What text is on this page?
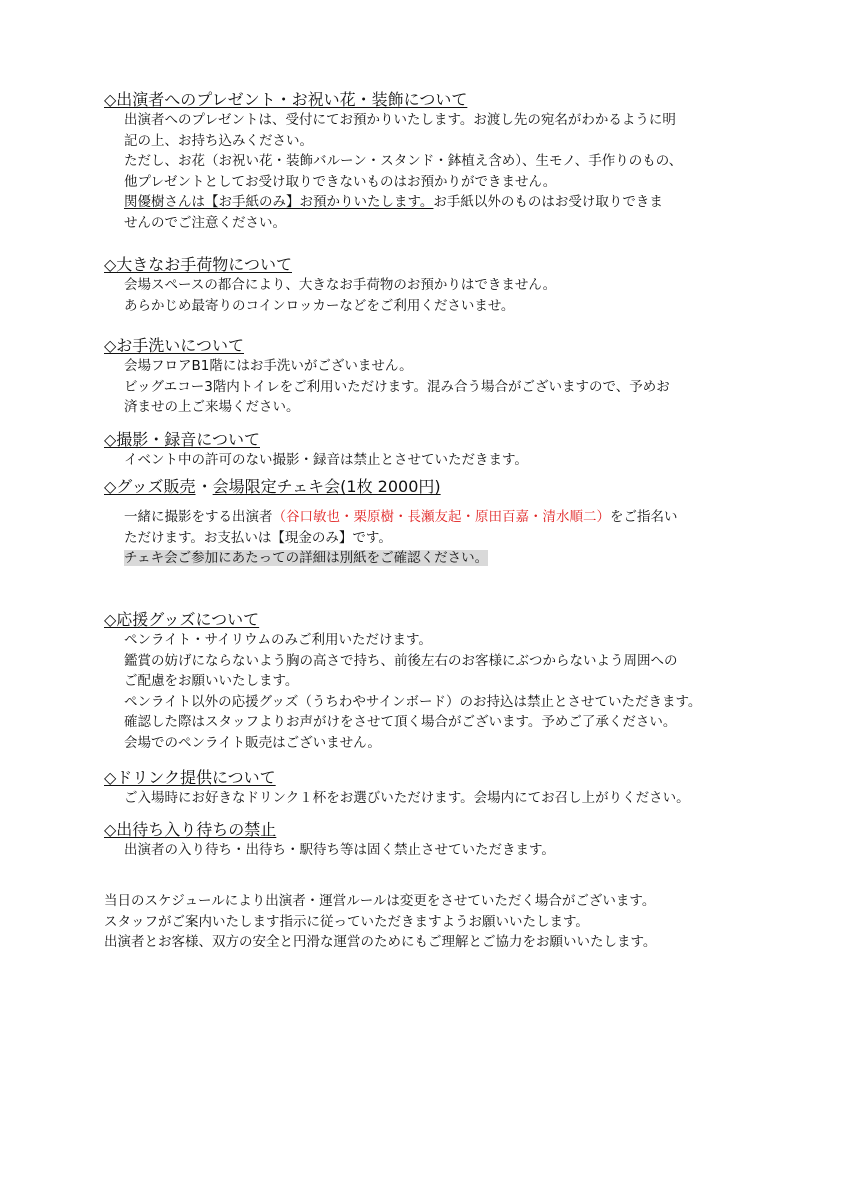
◇出演者へのプレゼント・お祝い花・装飾について
出演者へのプレゼントは、受付にてお預かりいたします。お渡し先の宛名がわかるように明
記の上、お持ち込みください。
ただし、お花（お祝い花・装飾バルーン・スタンド・鉢植え含め）、生モノ、手作りのもの、
他プレゼントとしてお受け取りできないものはお預かりができません。
関優樹さんは【お手紙のみ】お預かりいたします。お手紙以外のものはお受け取りできま
せんのでご注意ください。
◇大きなお手荷物について
会場スペースの都合により、大きなお手荷物のお預かりはできません。
あらかじめ最寄りのコインロッカーなどをご利用くださいませ。
◇お手洗いについて
会場フロアB1階にはお手洗いがございません。
ビッグエコー3階内トイレをご利用いただけます。混み合う場合がございますので、予めお
済ませの上ご来場ください。
◇撮影・録音について
イベント中の許可のない撮影・録音は禁止とさせていただきます。
◇グッズ販売 ・会場限定チェキ会(1枚 2000円)
一緒に撮影をする出演者（谷口敏也・栗原樹・長瀬友起・原田百嘉・清水順二）をご指名い
ただけます。お支払いは【現金のみ】です。
チェキ会ご参加にあたっての詳細は別紙をご確認ください。
◇応援グッズについて
ペンライト・サイリウムのみご利用いただけます。
鑑賞の妨げにならないよう胸の高さで持ち、前後左右のお客様にぶつからないよう周囲への
ご配慮をお願いいたします。
ペンライト以外の応援グッズ（うちわやサインボード）のお持込は禁止とさせていただきます。
確認した際はスタッフよりお声がけをさせて頂く場合がございます。予めご了承ください。
会場でのペンライト販売はございません。
◇ドリンク提供について
ご入場時にお好きなドリンク１杯をお選びいただけます。会場内にてお召し上がりください。
◇出待ち入り待ちの禁止
出演者の入り待ち・出待ち・駅待ち等は固く禁止させていただきます。
当日のスケジュールにより出演者・運営ルールは変更をさせていただく場合がございます。
スタッフがご案内いたします指示に従っていただきますようお願いいたします。
出演者とお客様、双方の安全と円滑な運営のためにもご理解とご協力をお願いいたします。
